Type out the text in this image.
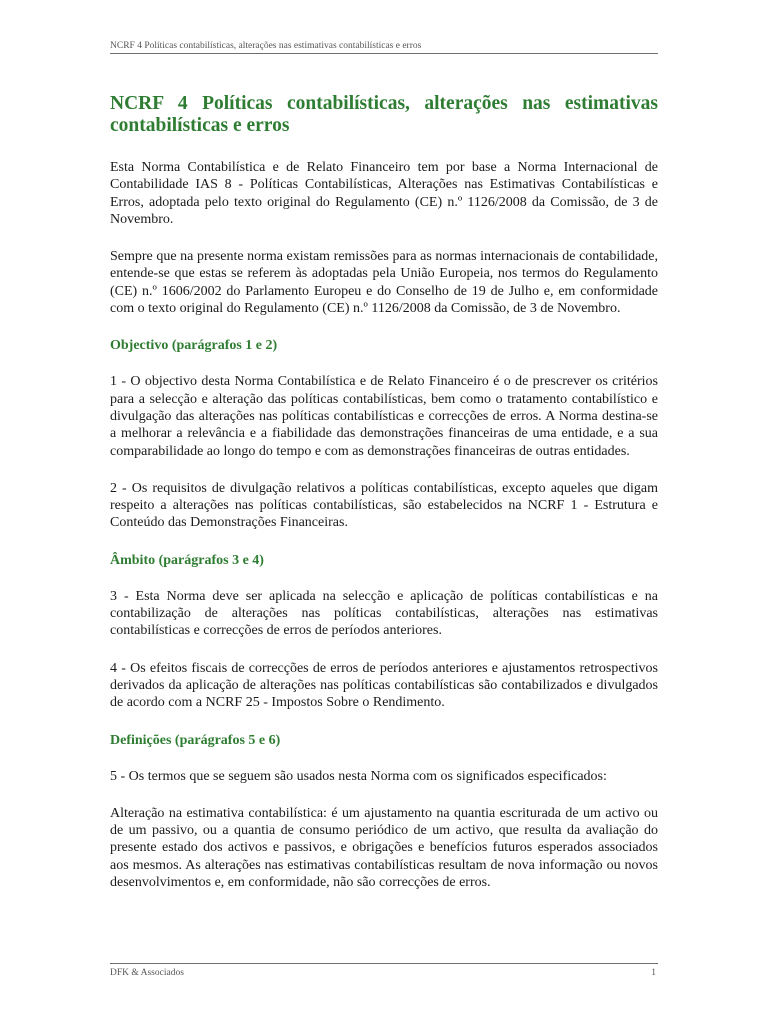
NCRF 4 Políticas contabilísticas, alterações nas estimativas contabilísticas e erros
NCRF 4 Políticas contabilísticas, alterações nas estimativas contabilísticas e erros

Esta Norma Contabilística e de Relato Financeiro tem por base a Norma Internacional de Contabilidade IAS 8 - Políticas Contabilísticas, Alterações nas Estimativas Contabilísticas e Erros, adoptada pelo texto original do Regulamento (CE) n.º 1126/2008 da Comissão, de 3 de Novembro.

Sempre que na presente norma existam remissões para as normas internacionais de contabilidade, entende-se que estas se referem às adoptadas pela União Europeia, nos termos do Regulamento (CE) n.º 1606/2002 do Parlamento Europeu e do Conselho de 19 de Julho e, em conformidade com o texto original do Regulamento (CE) n.º 1126/2008 da Comissão, de 3 de Novembro.

Objectivo (parágrafos 1 e 2)

1 - O objectivo desta Norma Contabilística e de Relato Financeiro é o de prescrever os critérios para a selecção e alteração das políticas contabilísticas, bem como o tratamento contabilístico e divulgação das alterações nas políticas contabilísticas e correcções de erros. A Norma destina-se a melhorar a relevância e a fiabilidade das demonstrações financeiras de uma entidade, e a sua comparabilidade ao longo do tempo e com as demonstrações financeiras de outras entidades.

2 - Os requisitos de divulgação relativos a políticas contabilísticas, excepto aqueles que digam respeito a alterações nas políticas contabilísticas, são estabelecidos na NCRF 1 - Estrutura e Conteúdo das Demonstrações Financeiras.

Âmbito (parágrafos 3 e 4)

3 - Esta Norma deve ser aplicada na selecção e aplicação de políticas contabilísticas e na contabilização de alterações nas políticas contabilísticas, alterações nas estimativas contabilísticas e correcções de erros de períodos anteriores.

4 - Os efeitos fiscais de correcções de erros de períodos anteriores e ajustamentos retrospectivos derivados da aplicação de alterações nas políticas contabilísticas são contabilizados e divulgados de acordo com a NCRF 25 - Impostos Sobre o Rendimento.

Definições (parágrafos 5 e 6)

5 - Os termos que se seguem são usados nesta Norma com os significados especificados:

Alteração na estimativa contabilística: é um ajustamento na quantia escriturada de um activo ou de um passivo, ou a quantia de consumo periódico de um activo, que resulta da avaliação do presente estado dos activos e passivos, e obrigações e benefícios futuros esperados associados aos mesmos. As alterações nas estimativas contabilísticas resultam de nova informação ou novos desenvolvimentos e, em conformidade, não são correcções de erros.

DFK & Associados	1
